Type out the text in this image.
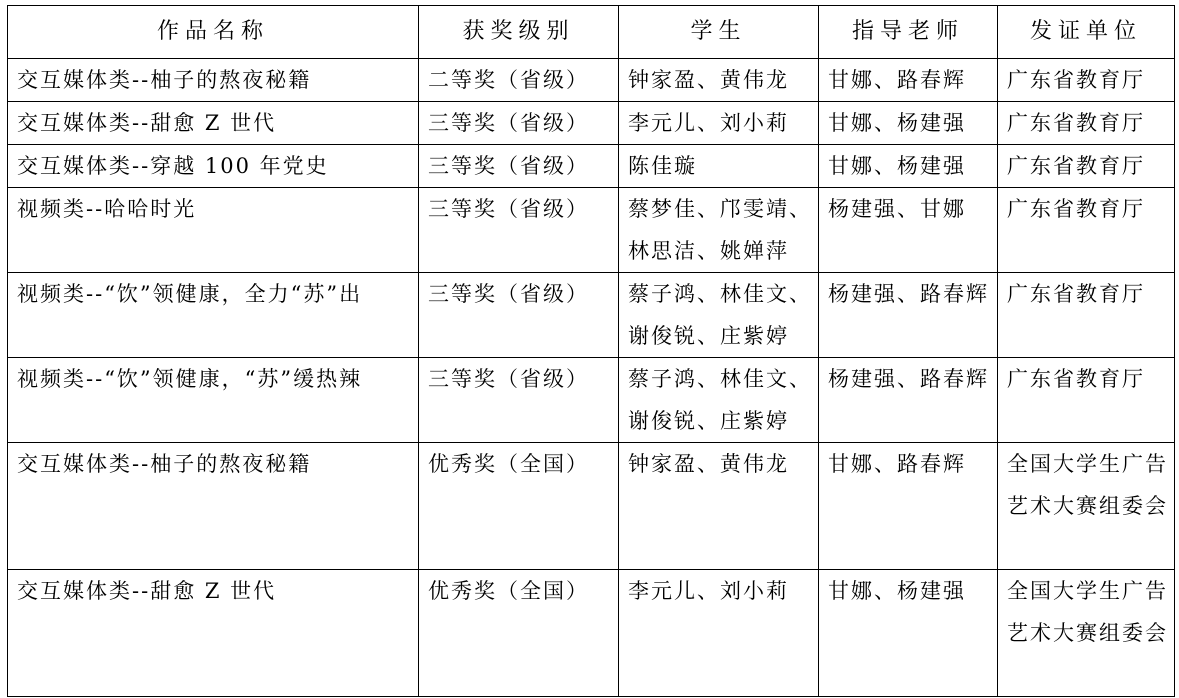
作品名称	获奖级别	学生	指导老师	发证单位
交互媒体类--柚子的熬夜秘籍	二等奖（省级）	钟家盈、黄伟龙	甘娜、路春辉	广东省教育厅
交互媒体类--甜愈 Z 世代	三等奖（省级）	李元儿、刘小莉	甘娜、杨建强	广东省教育厅
交互媒体类--穿越 100 年党史	三等奖（省级）	陈佳璇	甘娜、杨建强	广东省教育厅
视频类--哈哈时光	三等奖（省级）	蔡梦佳、邝雯靖、林思洁、姚婵萍	杨建强、甘娜	广东省教育厅
视频类--“饮”领健康，全力“苏”出	三等奖（省级）	蔡子鸿、林佳文、谢俊锐、庄紫婷	杨建强、路春辉	广东省教育厅
视频类--“饮”领健康，“苏”缓热辣	三等奖（省级）	蔡子鸿、林佳文、谢俊锐、庄紫婷	杨建强、路春辉	广东省教育厅
交互媒体类--柚子的熬夜秘籍	优秀奖（全国）	钟家盈、黄伟龙	甘娜、路春辉	全国大学生广告艺术大赛组委会
交互媒体类--甜愈 Z 世代	优秀奖（全国）	李元儿、刘小莉	甘娜、杨建强	全国大学生广告艺术大赛组委会
